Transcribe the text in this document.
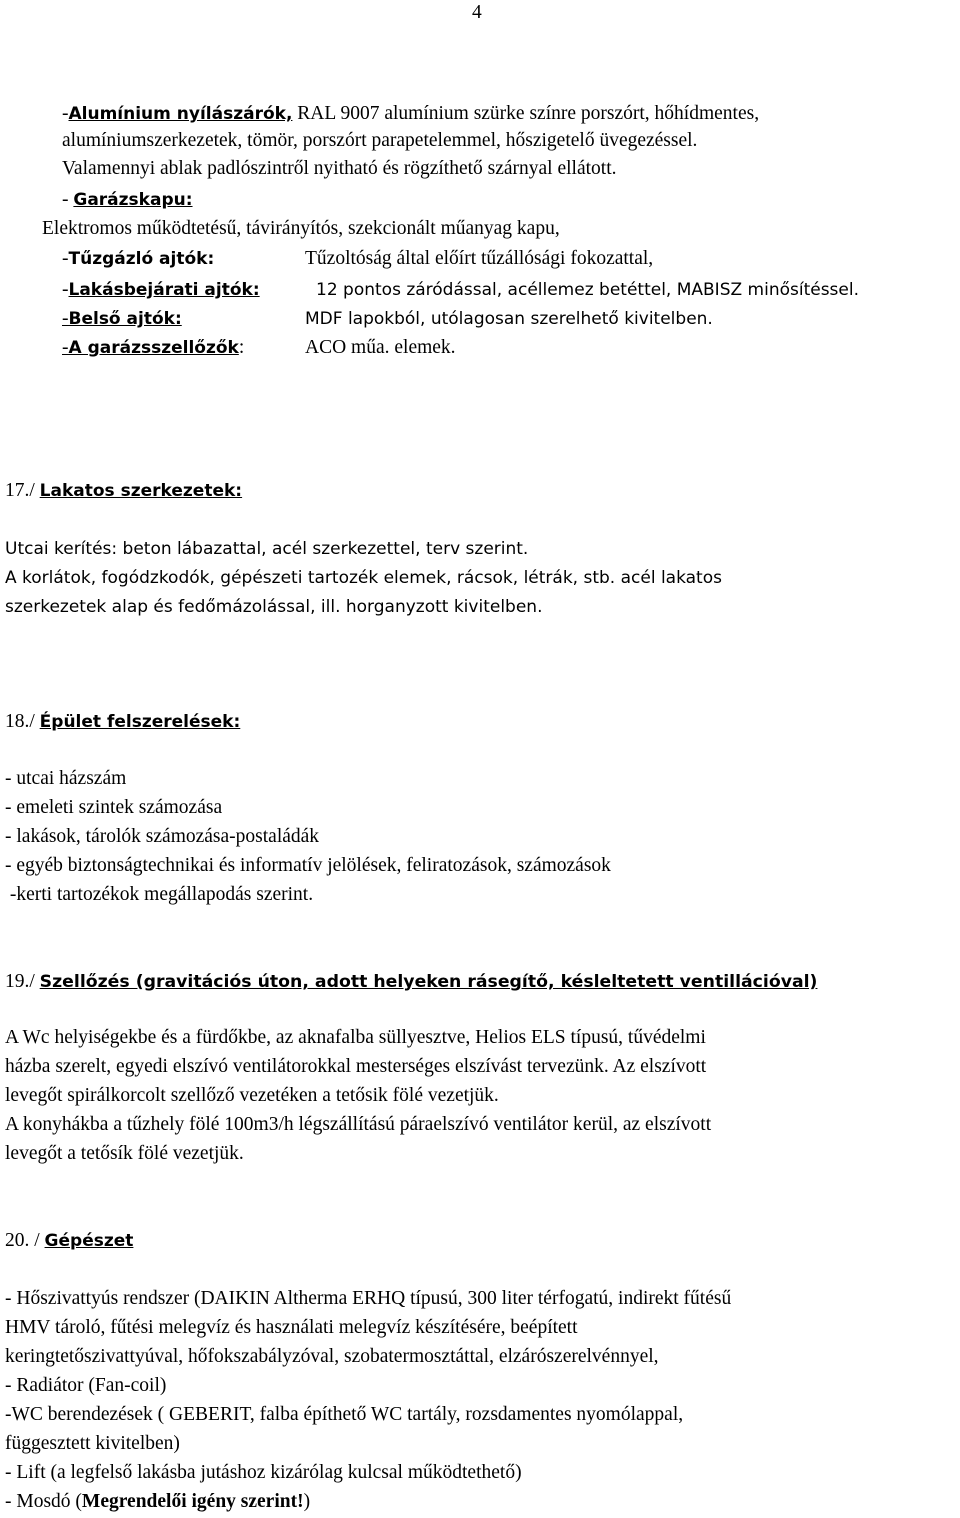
4
-Alumínium nyílászárók, RAL 9007 alumínium szürke színre porszórt, hőhídmentes,
alumíniumszerkezetek, tömör, porszórt parapetelemmel, hőszigetelő üvegezéssel.
Valamennyi ablak padlószintről nyitható és rögzíthető szárnyal ellátott.
- Garázskapu:
Elektromos működtetésű, távirányítós, szekcionált műanyag kapu,
-Tűzgázló ajtók:	Tűzoltóság által előírt tűzállósági fokozattal,
-Lakásbejárati ajtók:	12 pontos záródással, acéllemez betéttel, MABISZ minősítéssel.
-Belső ajtók:	MDF lapokból, utólagosan szerelhető kivitelben.
-A garázsszellőzők:	ACO műa. elemek.
17./ Lakatos szerkezetek:
Utcai kerítés: beton lábazattal, acél szerkezettel, terv szerint.
A korlátok, fogódzkodók, gépészeti tartozék elemek, rácsok, létrák, stb. acél lakatos
szerkezetek alap és fedőmázolással, ill. horganyzott kivitelben.
18./ Épület felszerelések:
- utcai házszám
- emeleti szintek számozása
- lakások, tárolók számozása-postaládák
- egyéb biztonságtechnikai és informatív jelölések, feliratozások, számozások
-kerti tartozékok megállapodás szerint.
19./ Szellőzés (gravitációs úton, adott helyeken rásegítő, késleltetett ventillációval)
A Wc helyiségekbe és a fürdőkbe, az aknafalba süllyesztve, Helios ELS típusú, tűvédelmi
házba szerelt, egyedi elszívó ventilátorokkal mesterséges elszívást tervezünk. Az elszívott
levegőt spirálkorcolt szellőző vezetéken a tetősik fölé vezetjük.
A konyhákba a tűzhely fölé 100m3/h légszállítású páraelszívó ventilátor kerül, az elszívott
levegőt a tetősík fölé vezetjük.
20. / Gépészet
- Hőszivattyús rendszer (DAIKIN Altherma ERHQ típusú, 300 liter térfogatú, indirekt fűtésű
HMV tároló, fűtési melegvíz és használati melegvíz készítésére, beépített
keringtetőszivattyúval, hőfokszabályzóval, szobatermosztáttal, elzárószerelvénnyel,
- Radiátor (Fan-coil)
-WC berendezések ( GEBERIT, falba építhető WC tartály, rozsdamentes nyomólappal,
függesztett kivitelben)
- Lift (a legfelső lakásba jutáshoz kizárólag kulcsal működtethető)
- Mosdó (Megrendelői igény szerint!)
